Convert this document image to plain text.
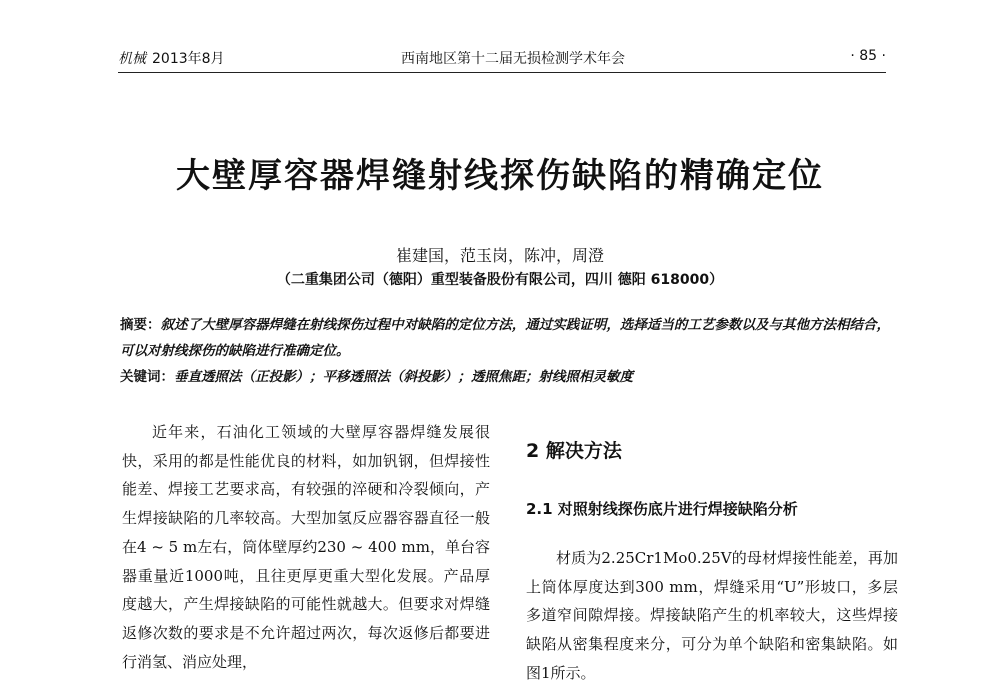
机械 2013年8月	西南地区第十二届无损检测学术年会	· 85 ·
大壁厚容器焊缝射线探伤缺陷的精确定位
崔建国，范玉岗，陈冲，周澄
（二重集团公司（德阳）重型装备股份有限公司，四川 德阳 618000）
摘要：叙述了大壁厚容器焊缝在射线探伤过程中对缺陷的定位方法，通过实践证明，选择适当的工艺参数以及与其他方法相结合，可以对射线探伤的缺陷进行准确定位。
关键词：垂直透照法（正投影）；平移透照法（斜投影）；透照焦距；射线照相灵敏度

近年来，石油化工领域的大壁厚容器焊缝发展很快，采用的都是性能优良的材料，如加钒钢，但焊接性能差、焊接工艺要求高，有较强的淬硬和冷裂倾向，产生焊接缺陷的几率较高。大型加氢反应器容器直径一般在4 ~ 5 m左右，筒体壁厚约230 ~ 400 mm，单台容器重量近1000吨，且往更厚更重大型化发展。产品厚度越大，产生焊接缺陷的可能性就越大。但要求对焊缝返修次数的要求是不允许超过两次，每次返修后都要进行消氢、消应处理，

2 解决方法
2.1 对照射线探伤底片进行焊接缺陷分析

材质为2.25Cr1Mo0.25V的母材焊接性能差，再加上筒体厚度达到300 mm，焊缝采用“U”形坡口，多层多道窄间隙焊接。焊接缺陷产生的机率较大，这些焊接缺陷从密集程度来分，可分为单个缺陷和密集缺陷。如图1所示。
